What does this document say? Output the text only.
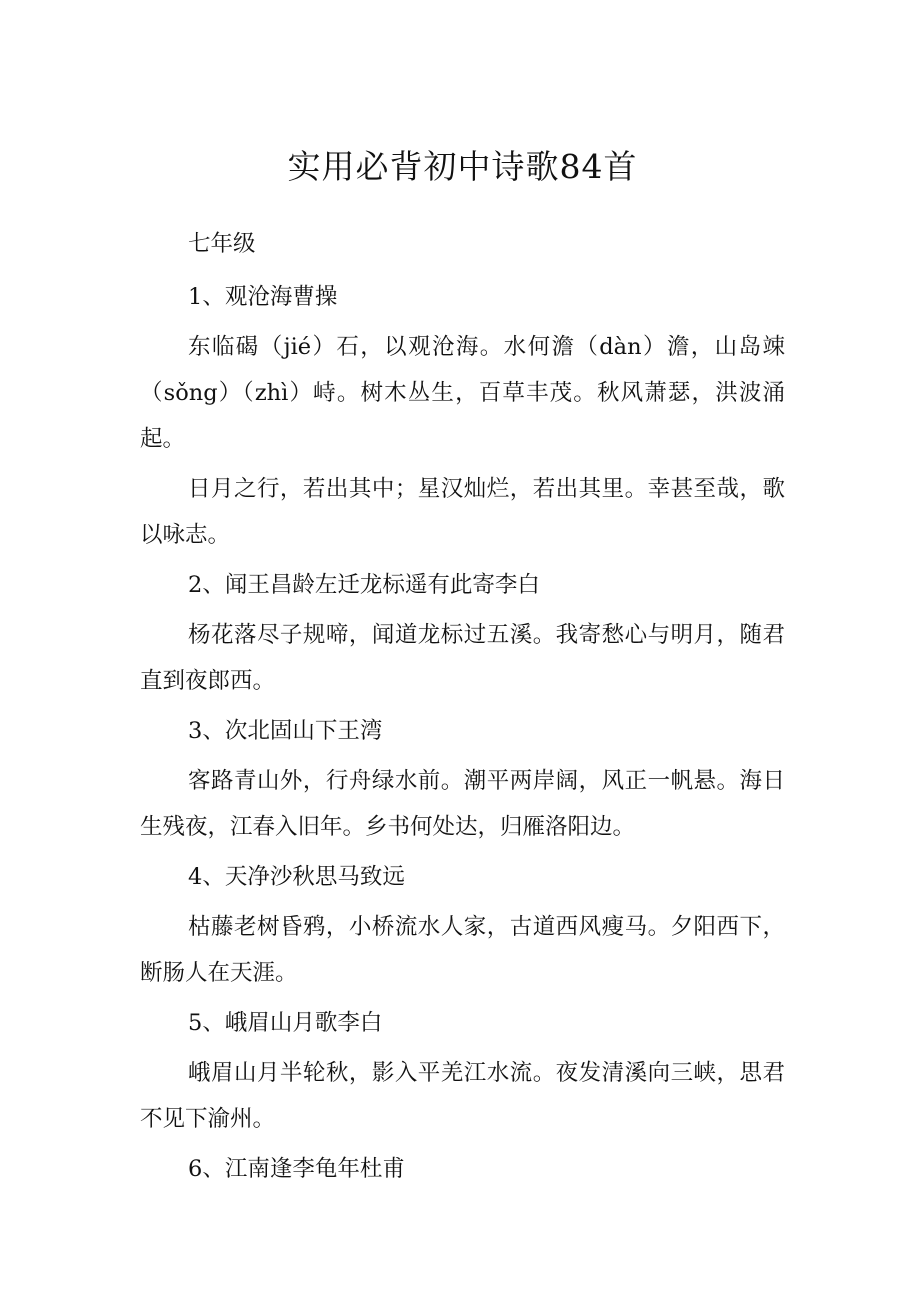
实用必背初中诗歌84首

七年级

1、观沧海曹操

东临碣（jié）石，以观沧海。水何澹（dàn）澹，山岛竦（sǒng）（zhì）峙。树木丛生，百草丰茂。秋风萧瑟，洪波涌起。

日月之行，若出其中；星汉灿烂，若出其里。幸甚至哉，歌以咏志。

2、闻王昌龄左迁龙标遥有此寄李白

杨花落尽子规啼，闻道龙标过五溪。我寄愁心与明月，随君直到夜郎西。

3、次北固山下王湾

客路青山外，行舟绿水前。潮平两岸阔，风正一帆悬。海日生残夜，江春入旧年。乡书何处达，归雁洛阳边。

4、天净沙秋思马致远

枯藤老树昏鸦，小桥流水人家，古道西风瘦马。夕阳西下，断肠人在天涯。

5、峨眉山月歌李白

峨眉山月半轮秋，影入平羌江水流。夜发清溪向三峡，思君不见下渝州。

6、江南逢李龟年杜甫
